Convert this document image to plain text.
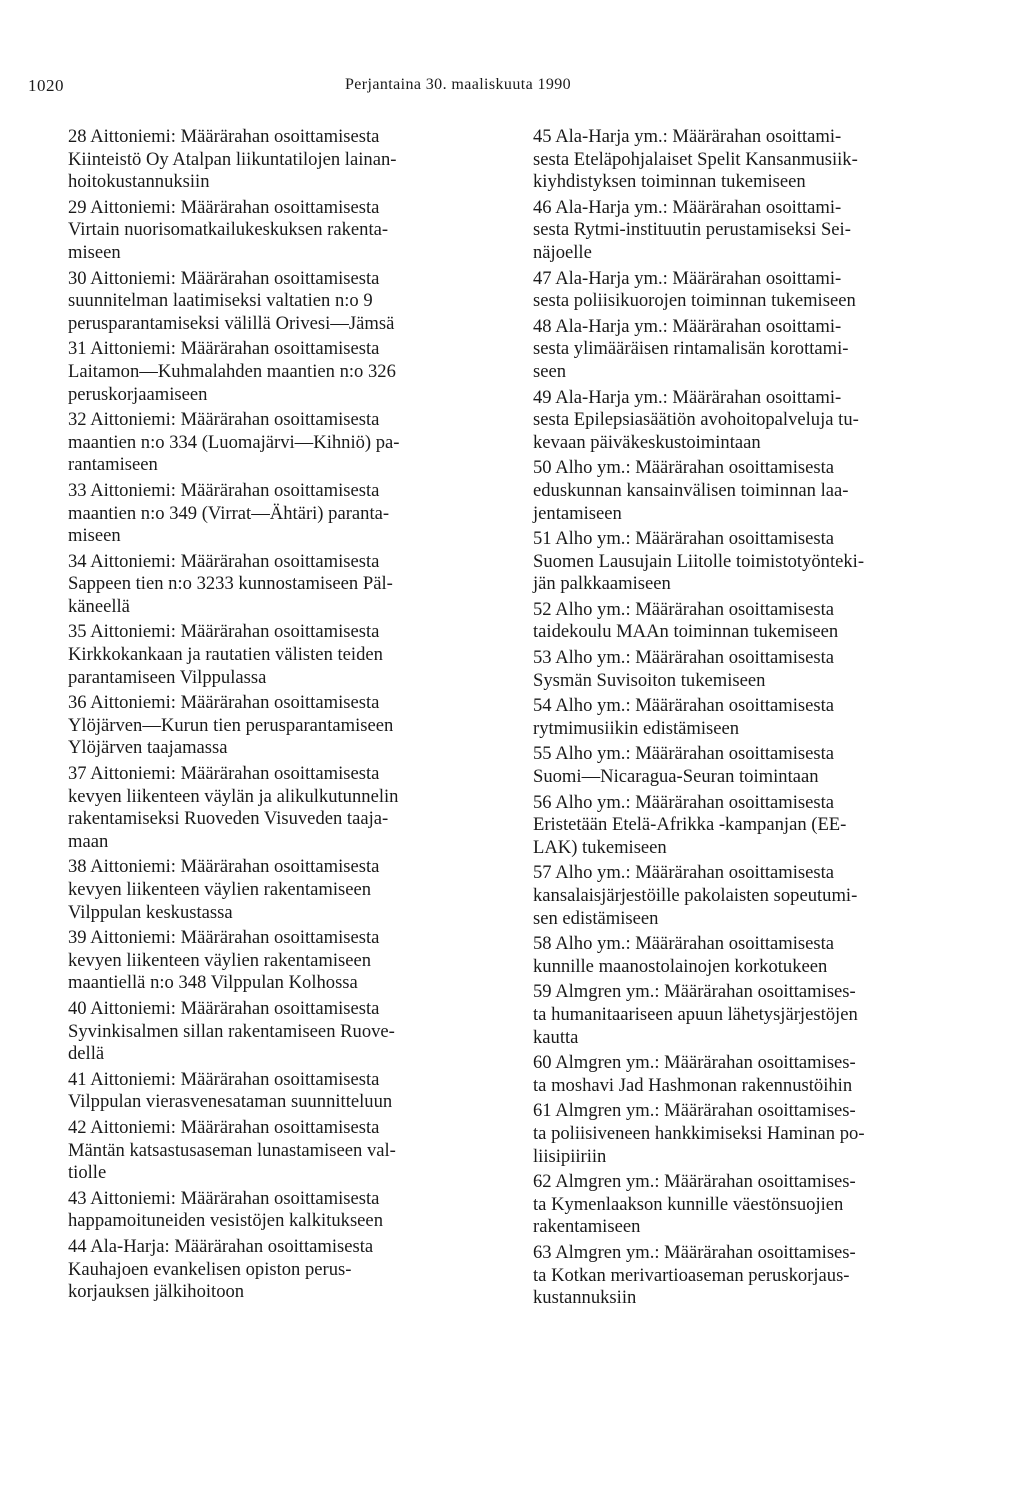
1020	Perjantaina 30. maaliskuuta 1990
28 Aittoniemi: Määrärahan osoittamisesta
Kiinteistö Oy Atalpan liikuntatilojen lainan-
hoitokustannuksiin
29 Aittoniemi: Määrärahan osoittamisesta
Virtain nuorisomatkailukeskuksen rakenta-
miseen
30 Aittoniemi: Määrärahan osoittamisesta
suunnitelman laatimiseksi valtatien n:o 9
perusparantamiseksi välillä Orivesi—Jämsä
31 Aittoniemi: Määrärahan osoittamisesta
Laitamon—Kuhmalahden maantien n:o 326
peruskorjaamiseen
32 Aittoniemi: Määrärahan osoittamisesta
maantien n:o 334 (Luomajärvi—Kihniö) pa-
rantamiseen
33 Aittoniemi: Määrärahan osoittamisesta
maantien n:o 349 (Virrat—Ähtäri) paranta-
miseen
34 Aittoniemi: Määrärahan osoittamisesta
Sappeen tien n:o 3233 kunnostamiseen Päl-
käneellä
35 Aittoniemi: Määrärahan osoittamisesta
Kirkkokankaan ja rautatien välisten teiden
parantamiseen Vilppulassa
36 Aittoniemi: Määrärahan osoittamisesta
Ylöjärven—Kurun tien perusparantamiseen
Ylöjärven taajamassa
37 Aittoniemi: Määrärahan osoittamisesta
kevyen liikenteen väylän ja alikulkutunnelin
rakentamiseksi Ruoveden Visuveden taaja-
maan
38 Aittoniemi: Määrärahan osoittamisesta
kevyen liikenteen väylien rakentamiseen
Vilppulan keskustassa
39 Aittoniemi: Määrärahan osoittamisesta
kevyen liikenteen väylien rakentamiseen
maantiellä n:o 348 Vilppulan Kolhossa
40 Aittoniemi: Määrärahan osoittamisesta
Syvinkisalmen sillan rakentamiseen Ruove-
dellä
41 Aittoniemi: Määrärahan osoittamisesta
Vilppulan vierasvenesataman suunnitteluun
42 Aittoniemi: Määrärahan osoittamisesta
Mäntän katsastusaseman lunastamiseen val-
tiolle
43 Aittoniemi: Määrärahan osoittamisesta
happamoituneiden vesistöjen kalkitukseen
44 Ala-Harja: Määrärahan osoittamisesta
Kauhajoen evankelisen opiston perus-
korjauksen jälkihoitoon
45 Ala-Harja ym.: Määrärahan osoittami-
sesta Eteläpohjalaiset Spelit Kansanmusiik-
kiyhdistyksen toiminnan tukemiseen
46 Ala-Harja ym.: Määrärahan osoittami-
sesta Rytmi-instituutin perustamiseksi Sei-
näjoelle
47 Ala-Harja ym.: Määrärahan osoittami-
sesta poliisikuorojen toiminnan tukemiseen
48 Ala-Harja ym.: Määrärahan osoittami-
sesta ylimääräisen rintamalisän korottami-
seen
49 Ala-Harja ym.: Määrärahan osoittami-
sesta Epilepsiasäätiön avohoitopalveluja tu-
kevaan päiväkeskustoimintaan
50 Alho ym.: Määrärahan osoittamisesta
eduskunnan kansainvälisen toiminnan laa-
jentamiseen
51 Alho ym.: Määrärahan osoittamisesta
Suomen Lausujain Liitolle toimistotyönteki-
jän palkkaamiseen
52 Alho ym.: Määrärahan osoittamisesta
taidekoulu MAAn toiminnan tukemiseen
53 Alho ym.: Määrärahan osoittamisesta
Sysmän Suvisoiton tukemiseen
54 Alho ym.: Määrärahan osoittamisesta
rytmimusiikin edistämiseen
55 Alho ym.: Määrärahan osoittamisesta
Suomi—Nicaragua-Seuran toimintaan
56 Alho ym.: Määrärahan osoittamisesta
Eristetään Etelä-Afrikka -kampanjan (EE-
LAK) tukemiseen
57 Alho ym.: Määrärahan osoittamisesta
kansalaisjärjestöille pakolaisten sopeutumi-
sen edistämiseen
58 Alho ym.: Määrärahan osoittamisesta
kunnille maanostolainojen korkotukeen
59 Almgren ym.: Määrärahan osoittamises-
ta humanitaariseen apuun lähetysjärjestöjen
kautta
60 Almgren ym.: Määrärahan osoittamises-
ta moshavi Jad Hashmonan rakennustöihin
61 Almgren ym.: Määrärahan osoittamises-
ta poliisiveneen hankkimiseksi Haminan po-
liisipiiriin
62 Almgren ym.: Määrärahan osoittamises-
ta Kymenlaakson kunnille väestönsuojien
rakentamiseen
63 Almgren ym.: Määrärahan osoittamises-
ta Kotkan merivartioaseman peruskorjaus-
kustannuksiin
